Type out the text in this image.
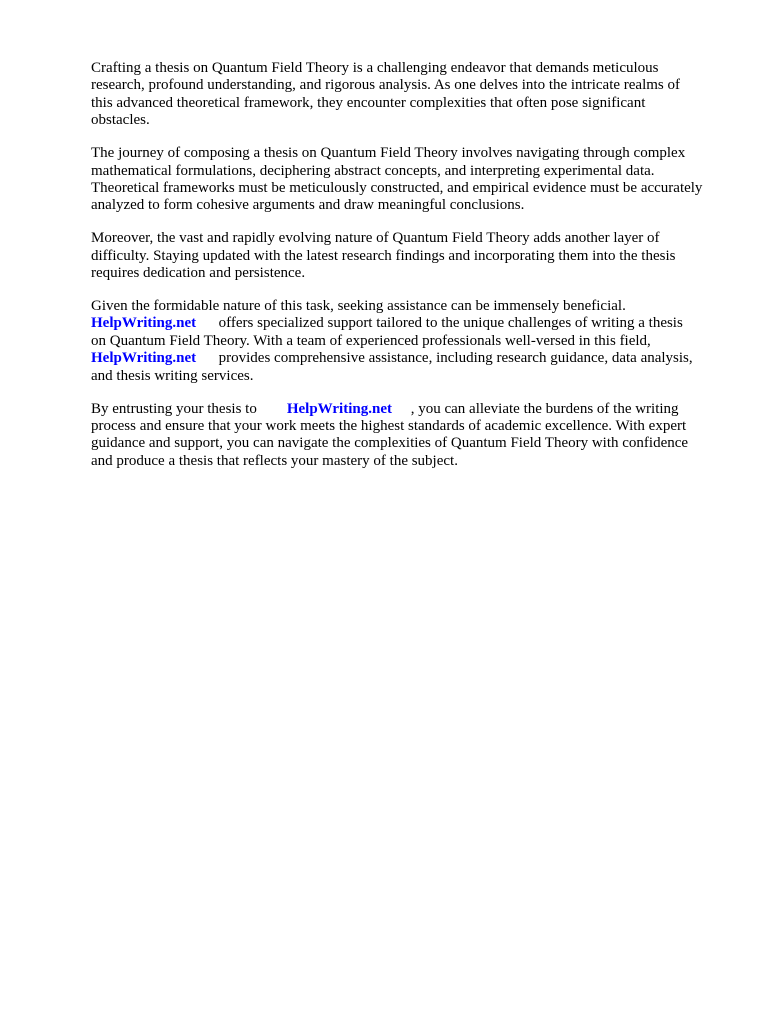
Crafting a thesis on Quantum Field Theory is a challenging endeavor that demands meticulous
research, profound understanding, and rigorous analysis. As one delves into the intricate realms of
this advanced theoretical framework, they encounter complexities that often pose significant
obstacles.
The journey of composing a thesis on Quantum Field Theory involves navigating through complex
mathematical formulations, deciphering abstract concepts, and interpreting experimental data.
Theoretical frameworks must be meticulously constructed, and empirical evidence must be accurately
analyzed to form cohesive arguments and draw meaningful conclusions.
Moreover, the vast and rapidly evolving nature of Quantum Field Theory adds another layer of
difficulty. Staying updated with the latest research findings and incorporating them into the thesis
requires dedication and persistence.
Given the formidable nature of this task, seeking assistance can be immensely beneficial.
HelpWriting.net offers specialized support tailored to the unique challenges of writing a thesis
on Quantum Field Theory. With a team of experienced professionals well-versed in this field,
HelpWriting.net provides comprehensive assistance, including research guidance, data analysis,
and thesis writing services.
By entrusting your thesis to HelpWriting.net , you can alleviate the burdens of the writing
process and ensure that your work meets the highest standards of academic excellence. With expert
guidance and support, you can navigate the complexities of Quantum Field Theory with confidence
and produce a thesis that reflects your mastery of the subject.
